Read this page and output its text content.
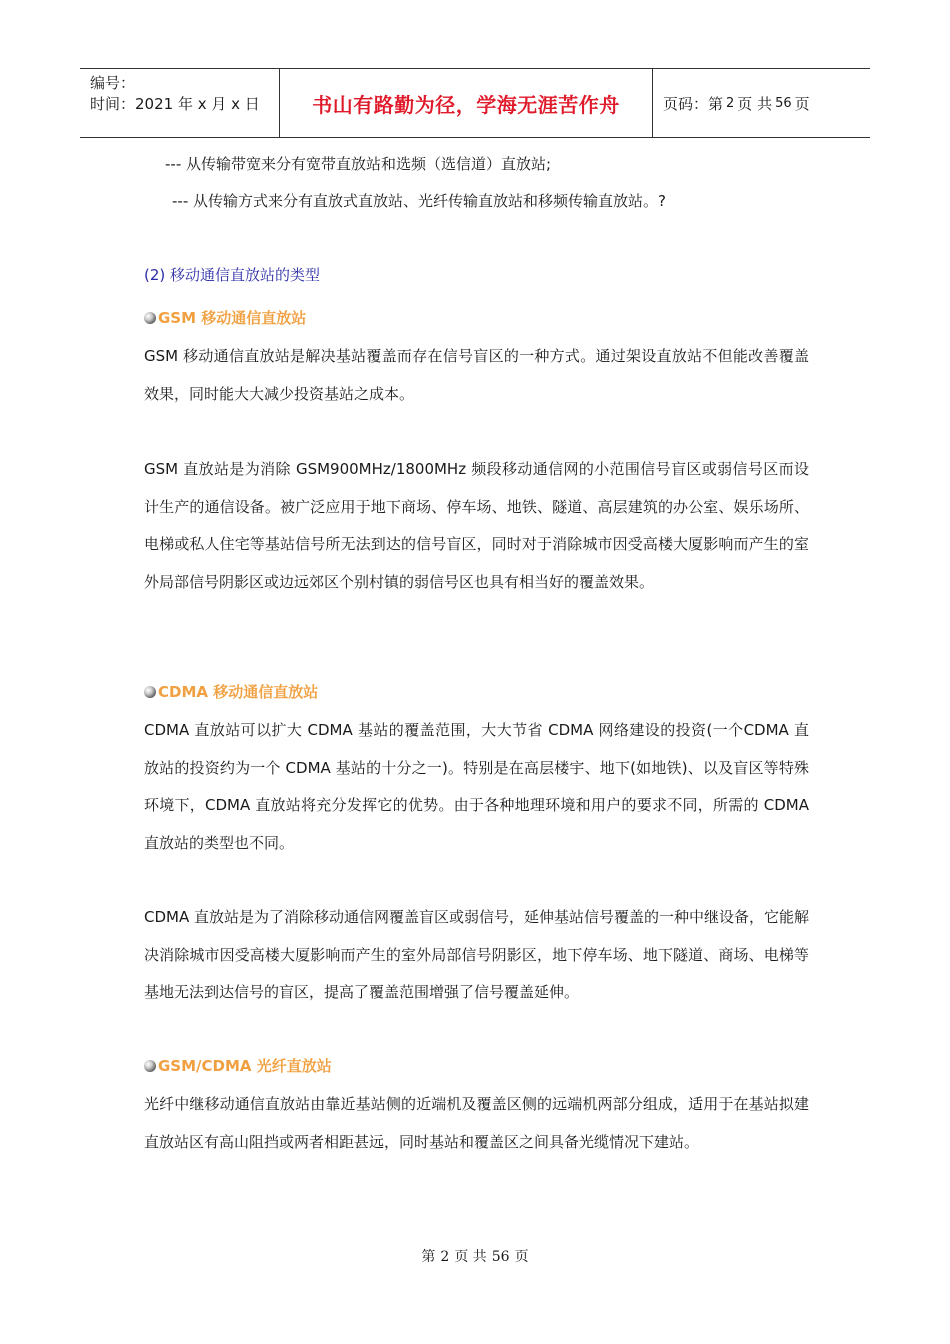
编号：
时间：2021 年 x 月 x 日	书山有路勤为径，学海无涯苦作舟	页码：第 2 页 共 56 页
--- 从传输带宽来分有宽带直放站和选频（选信道）直放站;
--- 从传输方式来分有直放式直放站、光纤传输直放站和移频传输直放站。?
(2) 移动通信直放站的类型
GSM 移动通信直放站
GSM 移动通信直放站是解决基站覆盖而存在信号盲区的一种方式。通过架设直放站不但能改善覆盖效果，同时能大大减少投资基站之成本。
GSM 直放站是为消除 GSM900MHz/1800MHz 频段移动通信网的小范围信号盲区或弱信号区而设计生产的通信设备。被广泛应用于地下商场、停车场、地铁、隧道、高层建筑的办公室、娱乐场所、电梯或私人住宅等基站信号所无法到达的信号盲区，同时对于消除城市因受高楼大厦影响而产生的室外局部信号阴影区或边远郊区个别村镇的弱信号区也具有相当好的覆盖效果。
CDMA 移动通信直放站
CDMA 直放站可以扩大 CDMA 基站的覆盖范围，大大节省 CDMA 网络建设的投资(一个CDMA 直放站的投资约为一个 CDMA 基站的十分之一)。特别是在高层楼宇、地下(如地铁)、以及盲区等特殊环境下，CDMA 直放站将充分发挥它的优势。由于各种地理环境和用户的要求不同，所需的 CDMA 直放站的类型也不同。
CDMA 直放站是为了消除移动通信网覆盖盲区或弱信号，延伸基站信号覆盖的一种中继设备，它能解决消除城市因受高楼大厦影响而产生的室外局部信号阴影区，地下停车场、地下隧道、商场、电梯等基地无法到达信号的盲区，提高了覆盖范围增强了信号覆盖延伸。
GSM/CDMA 光纤直放站
光纤中继移动通信直放站由靠近基站侧的近端机及覆盖区侧的远端机两部分组成，适用于在基站拟建直放站区有高山阻挡或两者相距甚远，同时基站和覆盖区之间具备光缆情况下建站。
第 2 页 共 56 页
